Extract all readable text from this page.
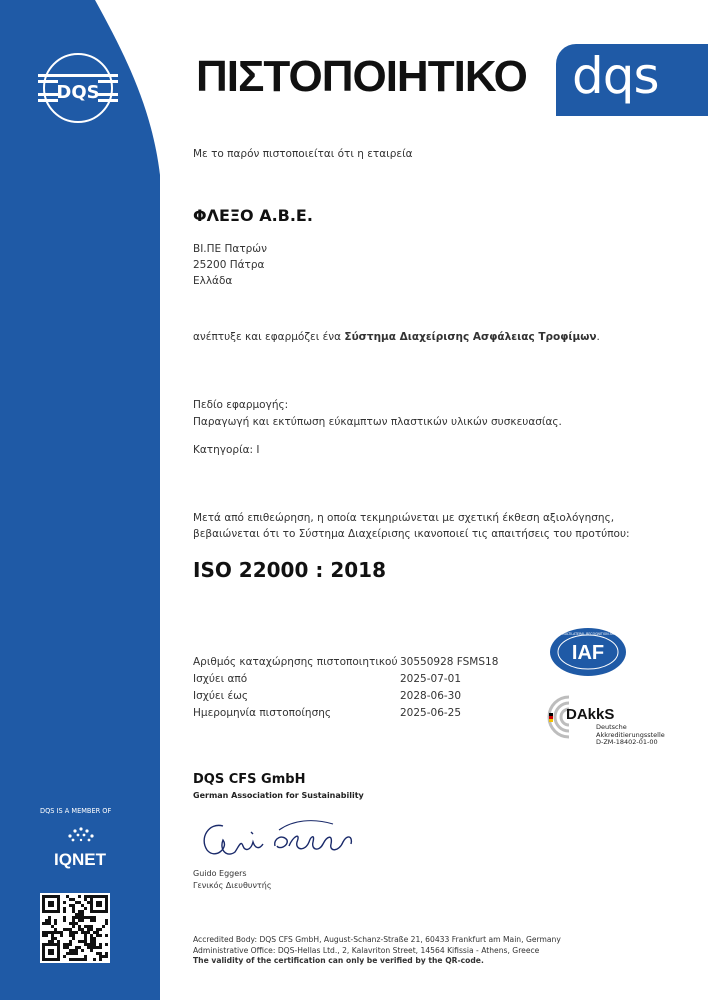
DQS ΠΙΣΤΟΠΟΙΗΤΙΚΟ dqs
Με το παρόν πιστοποιείται ότι η εταιρεία
ΦΛΕΞΟ Α.Β.Ε.
ΒΙ.ΠΕ Πατρών
25200 Πάτρα
Ελλάδα
ανέπτυξε και εφαρμόζει ένα Σύστημα Διαχείρισης Ασφάλειας Τροφίμων.
Πεδίο εφαρμογής:
Παραγωγή και εκτύπωση εύκαμπτων πλαστικών υλικών συσκευασίας.
Κατηγορία: I
Μετά από επιθεώρηση, η οποία τεκμηριώνεται με σχετική έκθεση αξιολόγησης,
βεβαιώνεται ότι το Σύστημα Διαχείρισης ικανοποιεί τις απαιτήσεις του προτύπου:
ISO 22000 : 2018
Αριθμός καταχώρησης πιστοποιητικού	30550928 FSMS18
Ισχύει από	2025-07-01
Ισχύει έως	2028-06-30
Ημερομηνία πιστοποίησης	2025-06-25
IAF
MEMBER OF MULTILATERAL RECOGNITION ARRANGEMENT
DAkkS
Deutsche
Akkreditierungsstelle
D-ZM-18402-01-00
DQS CFS GmbH
German Association for Sustainability
Guido Eggers
Γενικός Διευθυντής
DQS IS A MEMBER OF
IQNET
Accredited Body: DQS CFS GmbH, August-Schanz-Straße 21, 60433 Frankfurt am Main, Germany
Administrative Office: DQS-Hellas Ltd., 2, Kalavriton Street, 14564 Kifissia - Athens, Greece
The validity of the certification can only be verified by the QR-code.
